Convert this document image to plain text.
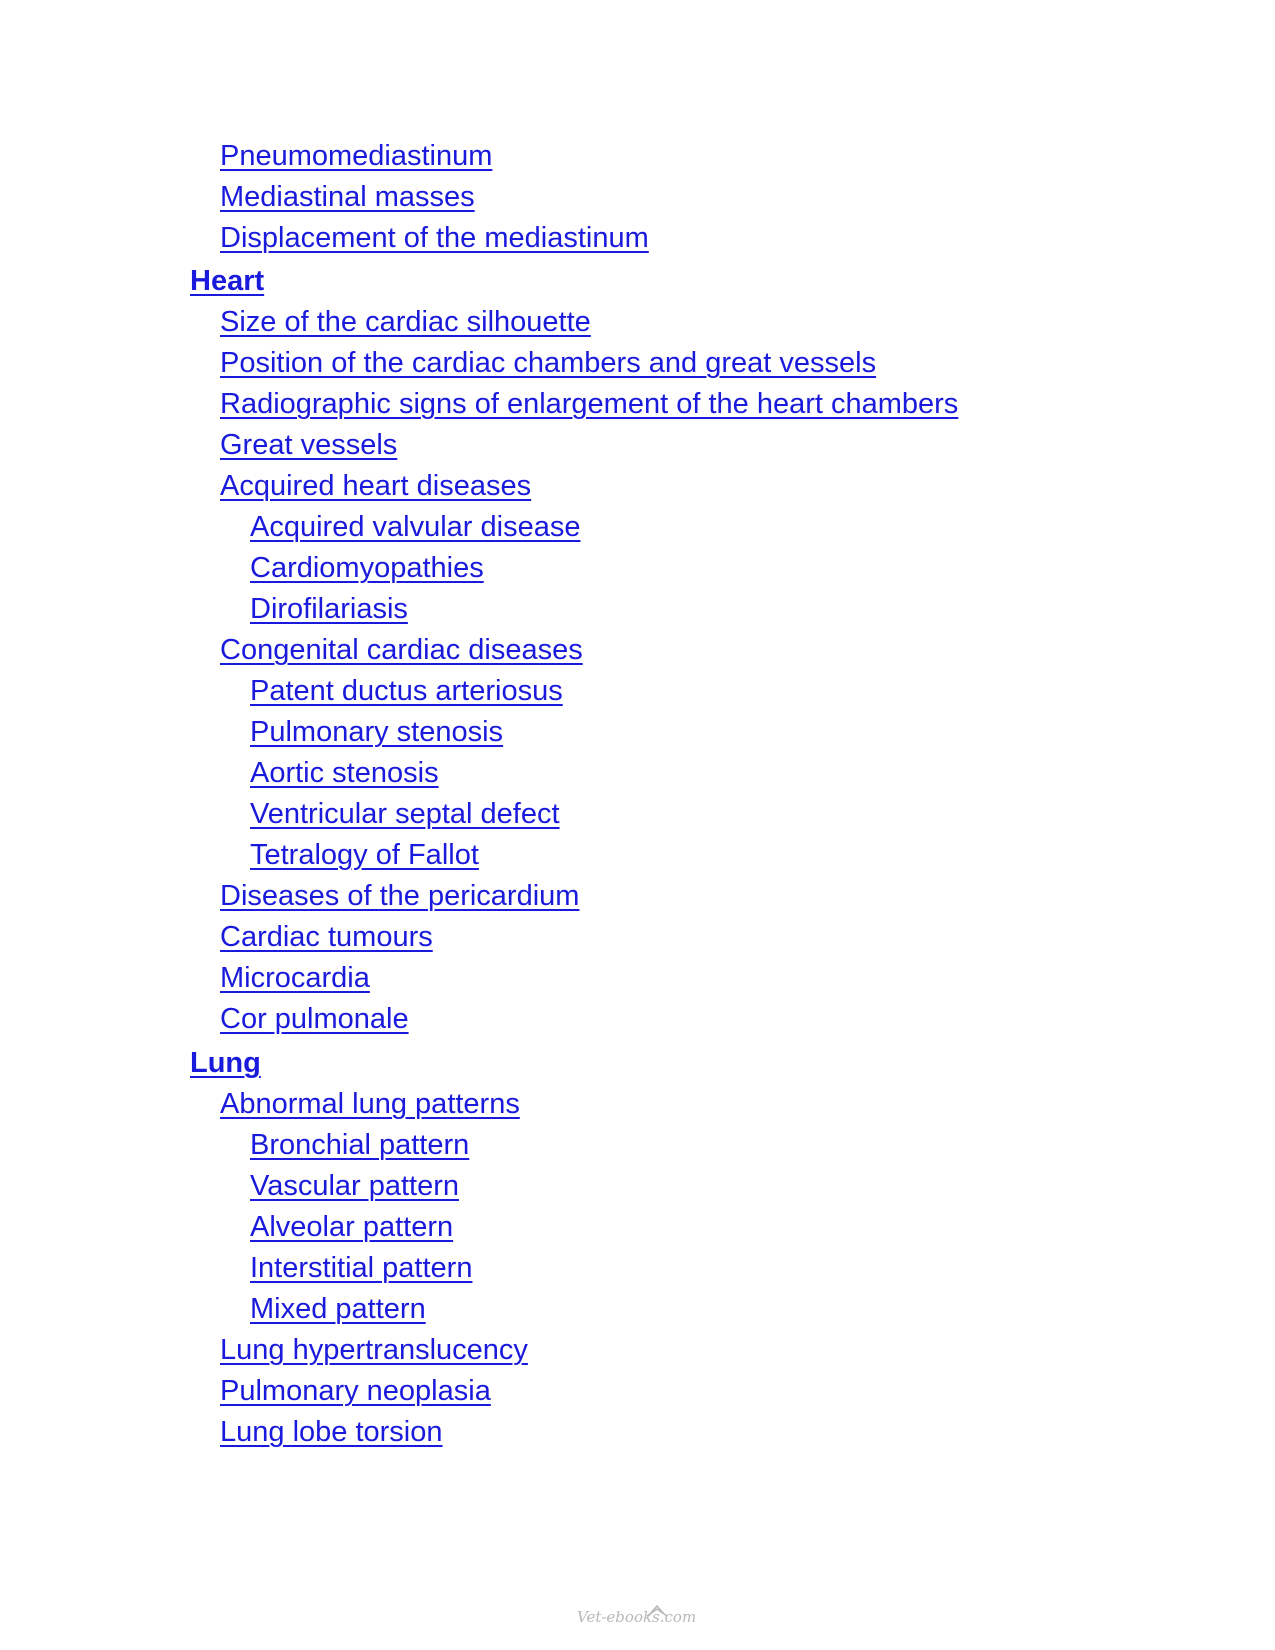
Pneumomediastinum
Mediastinal masses
Displacement of the mediastinum
Heart
Size of the cardiac silhouette
Position of the cardiac chambers and great vessels
Radiographic signs of enlargement of the heart chambers
Great vessels
Acquired heart diseases
Acquired valvular disease
Cardiomyopathies
Dirofilariasis
Congenital cardiac diseases
Patent ductus arteriosus
Pulmonary stenosis
Aortic stenosis
Ventricular septal defect
Tetralogy of Fallot
Diseases of the pericardium
Cardiac tumours
Microcardia
Cor pulmonale
Lung
Abnormal lung patterns
Bronchial pattern
Vascular pattern
Alveolar pattern
Interstitial pattern
Mixed pattern
Lung hypertranslucency
Pulmonary neoplasia
Lung lobe torsion
Vet-ebooks.com
